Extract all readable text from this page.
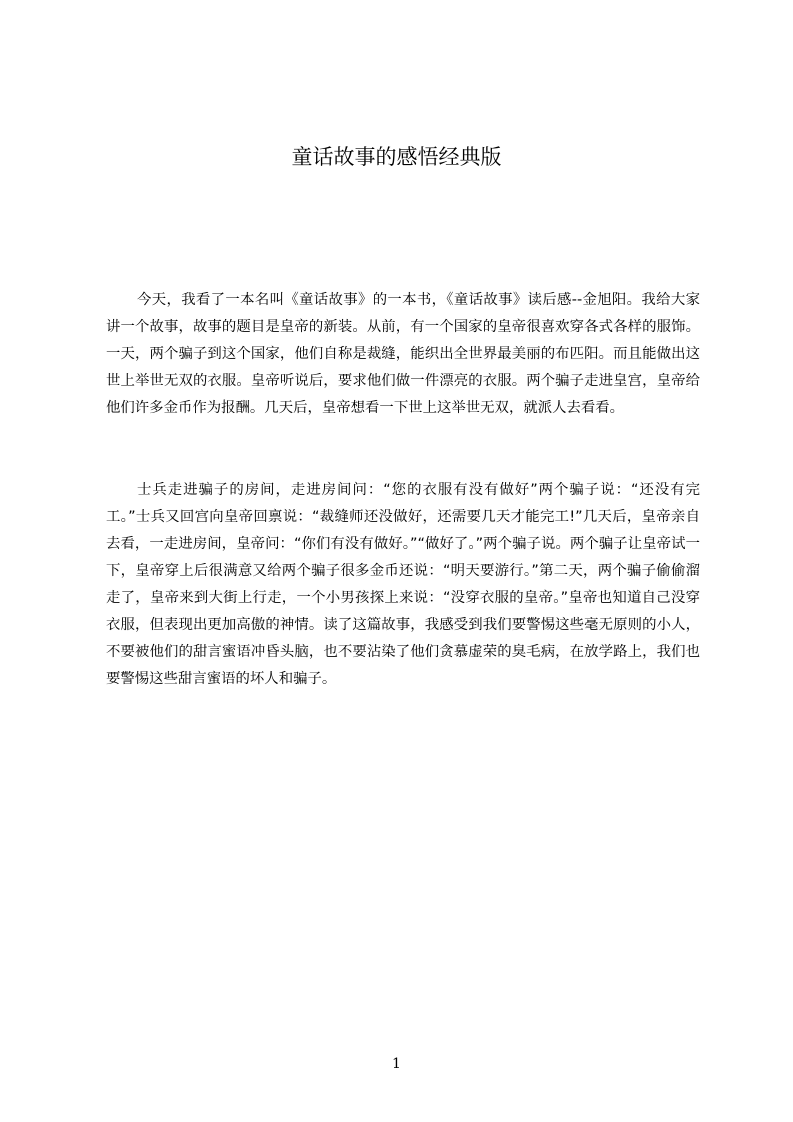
童话故事的感悟经典版

今天，我看了一本名叫《童话故事》的一本书，《童话故事》读后感--金旭阳。我给大家讲一个故事，故事的题目是皇帝的新装。从前，有一个国家的皇帝很喜欢穿各式各样的服饰。一天，两个骗子到这个国家，他们自称是裁缝，能织出全世界最美丽的布匹阳。而且能做出这世上举世无双的衣服。皇帝听说后，要求他们做一件漂亮的衣服。两个骗子走进皇宫，皇帝给他们许多金币作为报酬。几天后，皇帝想看一下世上这举世无双，就派人去看看。

士兵走进骗子的房间，走进房间问：“您的衣服有没有做好”两个骗子说：“还没有完工。”士兵又回宫向皇帝回禀说：“裁缝师还没做好，还需要几天才能完工!”几天后，皇帝亲自去看，一走进房间，皇帝问：“你们有没有做好。”“做好了。”两个骗子说。两个骗子让皇帝试一下，皇帝穿上后很满意又给两个骗子很多金币还说：“明天要游行。”第二天，两个骗子偷偷溜走了，皇帝来到大街上行走，一个小男孩探上来说：“没穿衣服的皇帝。”皇帝也知道自己没穿衣服，但表现出更加高傲的神情。读了这篇故事，我感受到我们要警惕这些毫无原则的小人，不要被他们的甜言蜜语冲昏头脑，也不要沾染了他们贪慕虚荣的臭毛病，在放学路上，我们也要警惕这些甜言蜜语的坏人和骗子。

1
